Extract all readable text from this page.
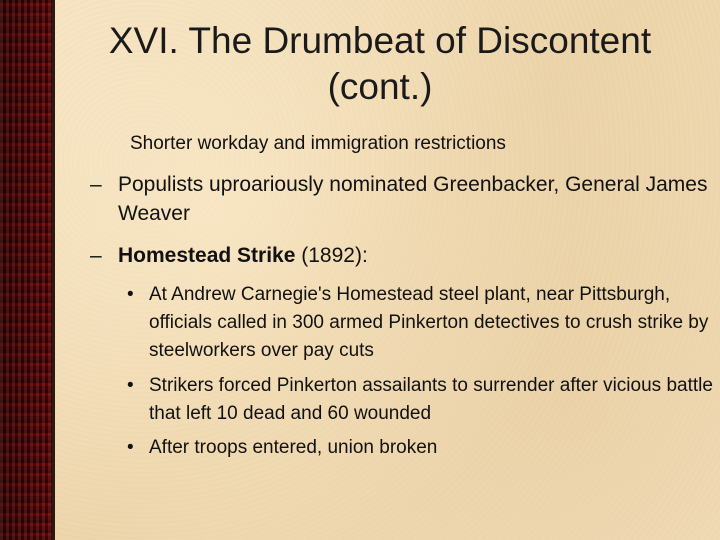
XVI. The Drumbeat of Discontent (cont.)

Shorter workday and immigration restrictions

– Populists uproariously nominated Greenbacker, General James Weaver

– Homestead Strike (1892):

• At Andrew Carnegie's Homestead steel plant, near Pittsburgh, officials called in 300 armed Pinkerton detectives to crush strike by steelworkers over pay cuts

• Strikers forced Pinkerton assailants to surrender after vicious battle that left 10 dead and 60 wounded

• After troops entered, union broken
